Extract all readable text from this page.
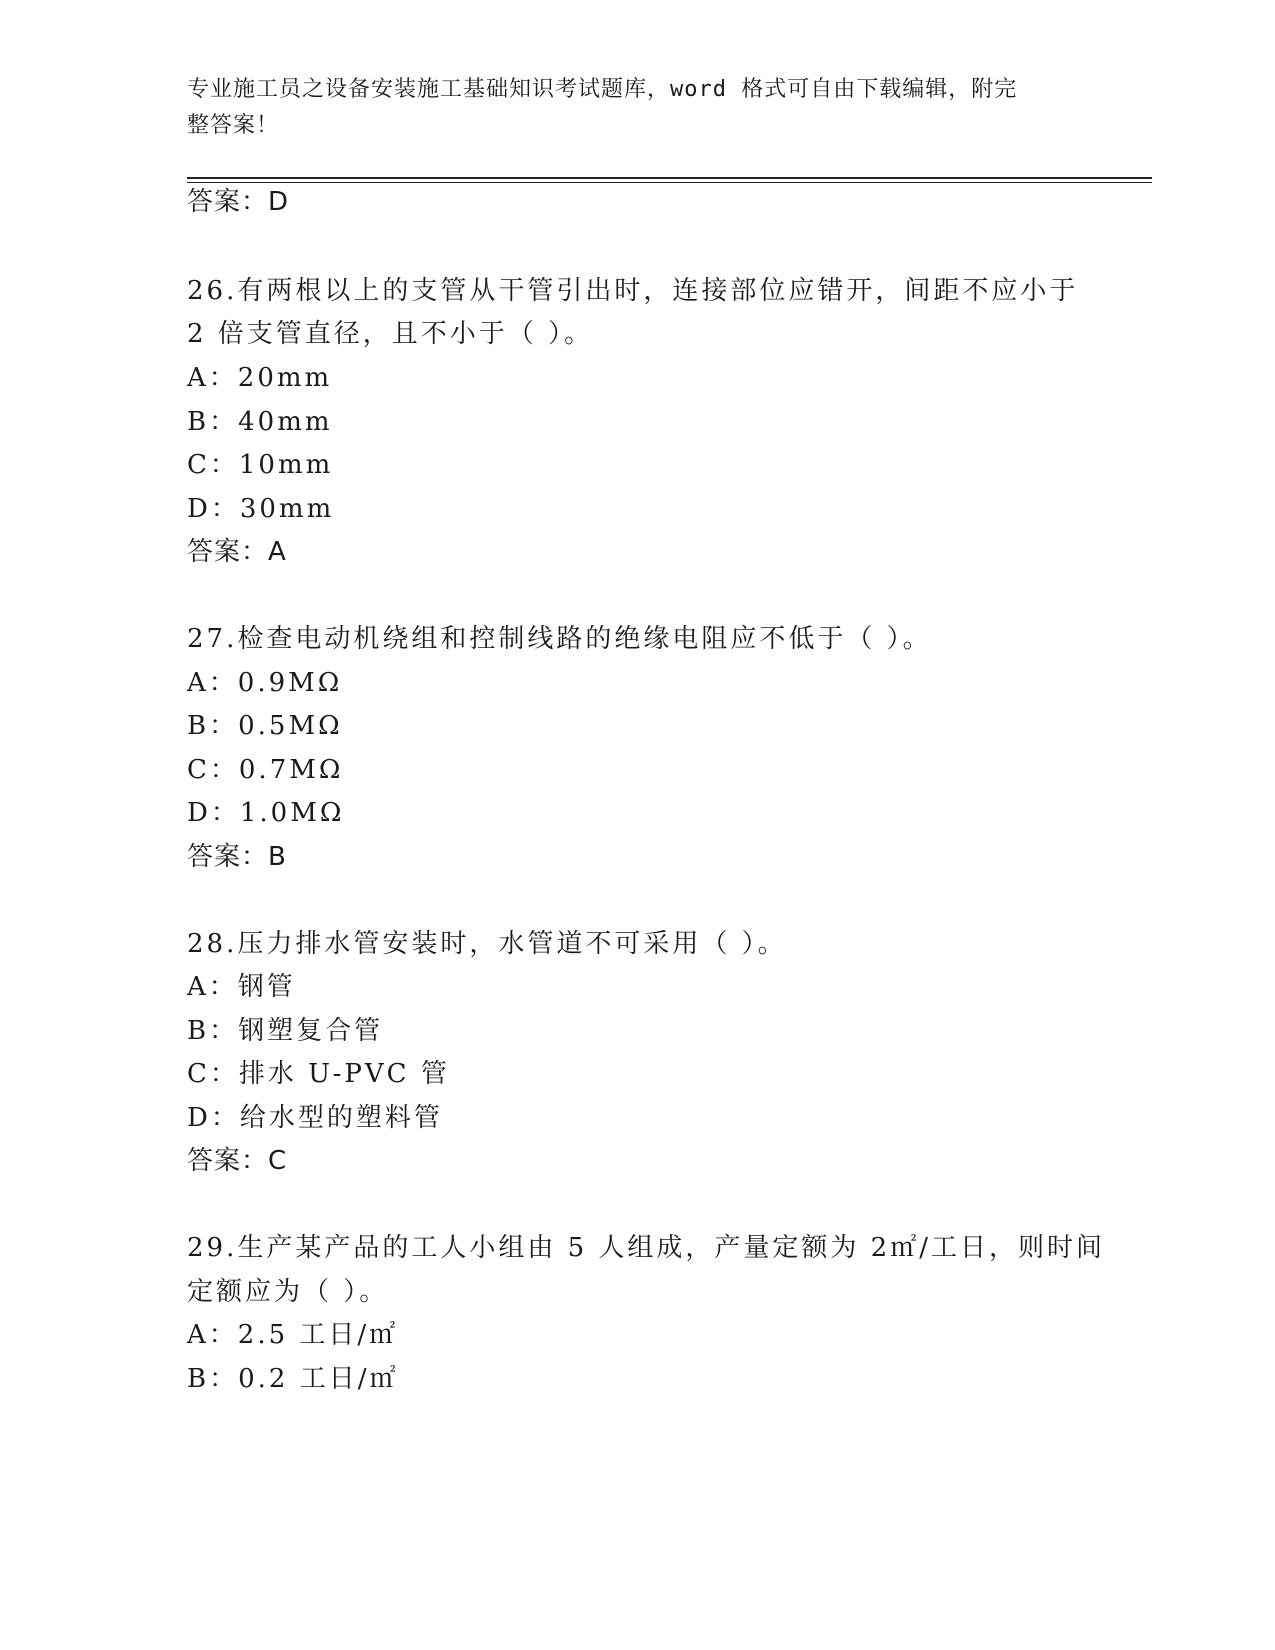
专业施工员之设备安装施工基础知识考试题库，word 格式可自由下载编辑，附完
整答案！
答案：D
26.有两根以上的支管从干管引出时，连接部位应错开，间距不应小于
2 倍支管直径，且不小于（ ）。
A：20mm
B：40mm
C：10mm
D：30mm
答案：A
27.检查电动机绕组和控制线路的绝缘电阻应不低于（ ）。
A：0.9MΩ
B：0.5MΩ
C：0.7MΩ
D：1.0MΩ
答案：B
28.压力排水管安装时，水管道不可采用（ ）。
A：钢管
B：钢塑复合管
C：排水 U-PVC 管
D：给水型的塑料管
答案：C
29.生产某产品的工人小组由 5 人组成，产量定额为 2㎡/工日，则时间
定额应为（ ）。
A：2.5 工日/㎡
B：0.2 工日/㎡
